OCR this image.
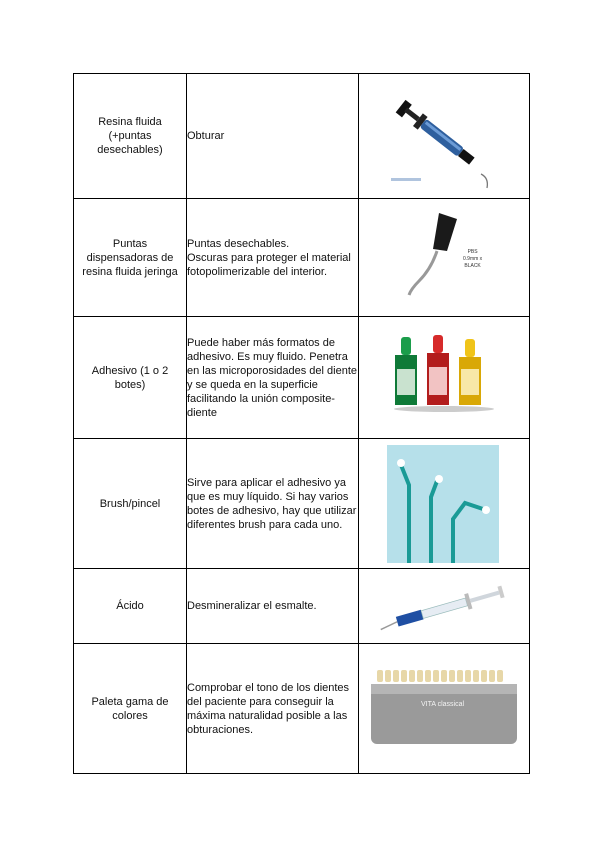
Resina fluida
(+puntas
desechables)	Obturar	

Puntas
dispensadoras de
resina fluida jeringa	Puntas desechables.
Oscuras para proteger el material fotopolimerizable del interior.	PBS
0.9mm x
BLACK

Adhesivo (1 o 2
botes)	Puede haber más formatos de adhesivo. Es muy fluido. Penetra en las microporosidades del diente y se queda en la superficie facilitando la unión composite-diente	

Brush/pincel	Sirve para aplicar el adhesivo ya que es muy líquido. Si hay varios botes de adhesivo, hay que utilizar diferentes brush para cada uno.	

Ácido	Desmineralizar el esmalte.	

Paleta gama de
colores	Comprobar el tono de los dientes del paciente para conseguir la máxima naturalidad posible a las obturaciones.	VITA classical
